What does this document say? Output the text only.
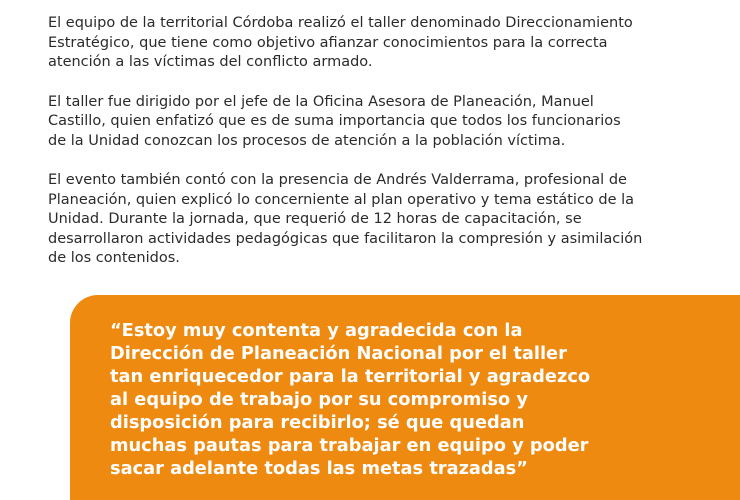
El equipo de la territorial Córdoba realizó el taller denominado Direccionamiento
Estratégico, que tiene como objetivo afianzar conocimientos para la correcta
atención a las víctimas del conflicto armado.

El taller fue dirigido por el jefe de la Oficina Asesora de Planeación, Manuel
Castillo, quien enfatizó que es de suma importancia que todos los funcionarios
de la Unidad conozcan los procesos de atención a la población víctima.

El evento también contó con la presencia de Andrés Valderrama, profesional de
Planeación, quien explicó lo concerniente al plan operativo y tema estático de la
Unidad. Durante la jornada, que requerió de 12 horas de capacitación, se
desarrollaron actividades pedagógicas que facilitaron la compresión y asimilación
de los contenidos.

“Estoy muy contenta y agradecida con la
Dirección de Planeación Nacional por el taller
tan enriquecedor para la territorial y agradezco
al equipo de trabajo por su compromiso y
disposición para recibirlo; sé que quedan
muchas pautas para trabajar en equipo y poder
sacar adelante todas las metas trazadas”
